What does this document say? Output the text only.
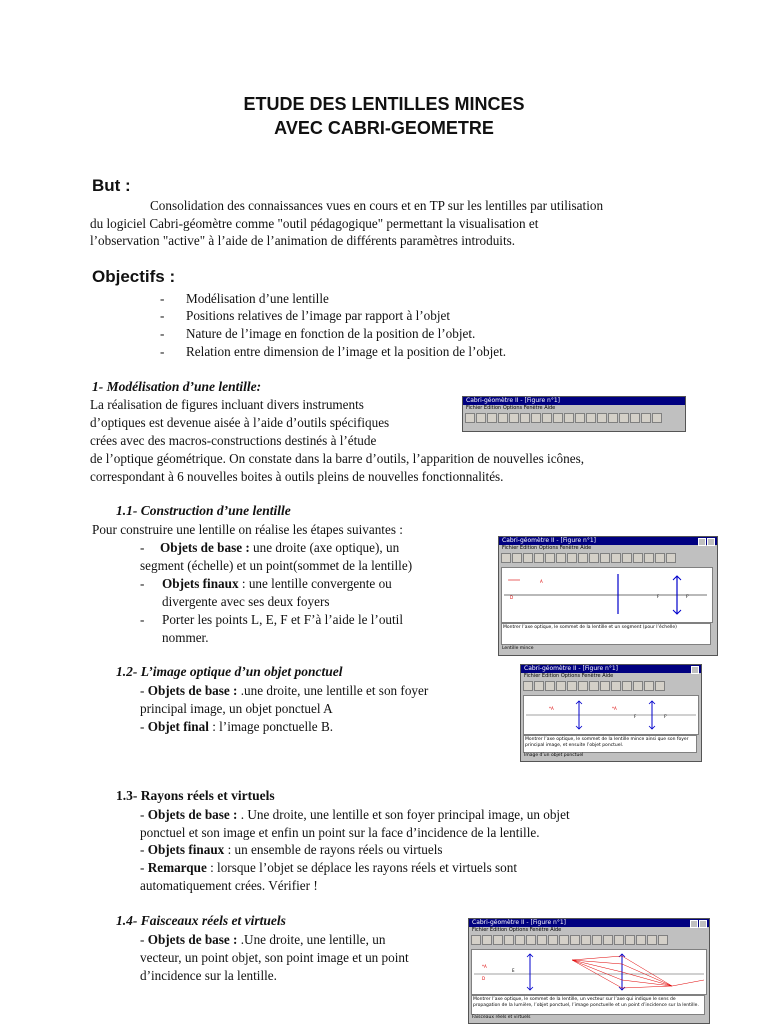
ETUDE DES LENTILLES MINCES
AVEC CABRI-GEOMETRE
But :
Consolidation des connaissances vues en cours et en TP sur les lentilles par utilisation
du logiciel Cabri-géomètre comme "outil pédagogique" permettant la visualisation et
l’observation "active" à l’aide de l’animation de différents paramètres introduits.
Objectifs :
- Modélisation d’une lentille
- Positions relatives de l’image par rapport à l’objet
- Nature de l’image en fonction de la position de l’objet.
- Relation entre dimension de l’image et la position de l’objet.
1- Modélisation d’une lentille:
La réalisation de figures incluant divers instruments
d’optiques est devenue aisée à l’aide d’outils spécifiques
crées avec des macros-constructions destinés à l’étude
de l’optique géométrique. On constate dans la barre d’outils, l’apparition de nouvelles icônes,
correspondant à 6 nouvelles boites à outils pleins de nouvelles fonctionnalités.
Cabri-géomètre II - [Figure n°1]
Fichier Édition Options Fenêtre Aide
1.1- Construction d’une lentille
Pour construire une lentille on réalise les étapes suivantes :
- Objets de base : une droite (axe optique), un
segment (échelle) et un point(sommet de la lentille)
- Objets finaux : une lentille convergente ou
divergente avec ses deux foyers
- Porter les points L, E, F et F’à l’aide le l’outil
nommer.
Cabri-géomètre II - [Figure n°1]
Fichier Édition Options Fenêtre Aide
D
A
F	F'
Montrer l’axe optique, le sommet de la lentille et un segment (pour l’échelle)
Lentille mince
1.2- L’image optique d’un objet ponctuel
- Objets de base : .une droite, une lentille et son foyer
principal image, un objet ponctuel A
- Objet final : l’image ponctuelle B.
Cabri-géomètre II - [Figure n°1]
Fichier Édition Options Fenêtre Aide
*A	*A
F	F'
Montrer l’axe optique, le sommet de la lentille mince ainsi que son foyer principal image, et ensuite l’objet ponctuel.
Image d’un objet ponctuel
1.3- Rayons réels et virtuels
- Objets de base : . Une droite, une lentille et son foyer principal image, un objet
ponctuel et son image et enfin un point sur la face d’incidence de la lentille.
- Objets finaux : un ensemble de rayons réels ou virtuels
- Remarque : lorsque l’objet se déplace les rayons réels et virtuels sont
automatiquement crées. Vérifier !
1.4- Faisceaux réels et virtuels
- Objets de base : .Une droite, une lentille, un
vecteur, un point objet, son point image et un point
d’incidence sur la lentille.
Cabri-géomètre II - [Figure n°1]
Fichier Édition Options Fenêtre Aide
*A
D
E
Montrer l’axe optique, le sommet de la lentille, un vecteur sur l’axe qui indique le sens de propagation de la lumière, l’objet ponctuel, l’image ponctuelle et un point d’incidence sur la lentille.
Faisceaux réels et virtuels
